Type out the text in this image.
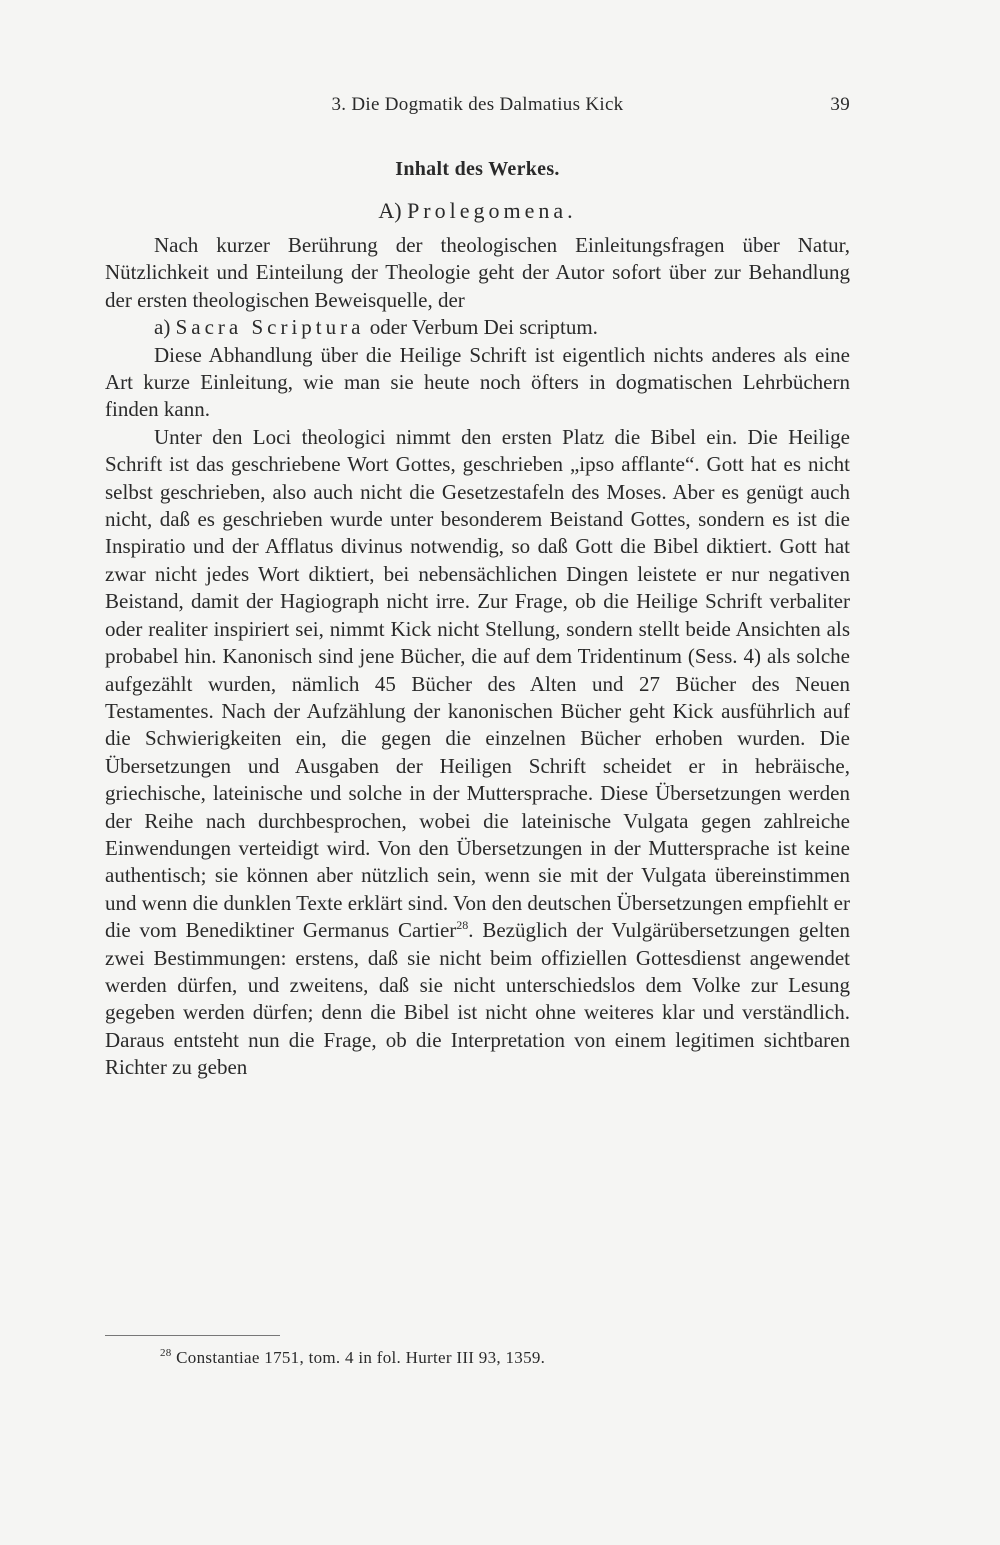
3. Die Dogmatik des Dalmatius Kick	39
Inhalt des Werkes.
A) Prolegomena.

Nach kurzer Berührung der theologischen Einleitungsfragen über Natur, Nützlichkeit und Einteilung der Theologie geht der Autor sofort über zur Behandlung der ersten theologischen Beweisquelle, der

a) Sacra Scriptura oder Verbum Dei scriptum.

Diese Abhandlung über die Heilige Schrift ist eigentlich nichts anderes als eine Art kurze Einleitung, wie man sie heute noch öfters in dogmatischen Lehrbüchern finden kann.

Unter den Loci theologici nimmt den ersten Platz die Bibel ein. Die Heilige Schrift ist das geschriebene Wort Gottes, geschrieben „ipso afflante“. Gott hat es nicht selbst geschrieben, also auch nicht die Gesetzestafeln des Moses. Aber es genügt auch nicht, daß es geschrieben wurde unter besonderem Beistand Gottes, sondern es ist die Inspiratio und der Afflatus divinus notwendig, so daß Gott die Bibel diktiert. Gott hat zwar nicht jedes Wort diktiert, bei nebensächlichen Dingen leistete er nur negativen Beistand, damit der Hagiograph nicht irre. Zur Frage, ob die Heilige Schrift verbaliter oder realiter inspiriert sei, nimmt Kick nicht Stellung, sondern stellt beide Ansichten als probabel hin. Kanonisch sind jene Bücher, die auf dem Tridentinum (Sess. 4) als solche aufgezählt wurden, nämlich 45 Bücher des Alten und 27 Bücher des Neuen Testamentes. Nach der Aufzählung der kanonischen Bücher geht Kick ausführlich auf die Schwierigkeiten ein, die gegen die einzelnen Bücher erhoben wurden. Die Übersetzungen und Ausgaben der Heiligen Schrift scheidet er in hebräische, griechische, lateinische und solche in der Muttersprache. Diese Übersetzungen werden der Reihe nach durchbesprochen, wobei die lateinische Vulgata gegen zahlreiche Einwendungen verteidigt wird. Von den Übersetzungen in der Muttersprache ist keine authentisch; sie können aber nützlich sein, wenn sie mit der Vulgata übereinstimmen und wenn die dunklen Texte erklärt sind. Von den deutschen Übersetzungen empfiehlt er die vom Benediktiner Germanus Cartier$^{28}$. Bezüglich der Vulgärübersetzungen gelten zwei Bestimmungen: erstens, daß sie nicht beim offiziellen Gottesdienst angewendet werden dürfen, und zweitens, daß sie nicht unterschiedslos dem Volke zur Lesung gegeben werden dürfen; denn die Bibel ist nicht ohne weiteres klar und verständlich. Daraus entsteht nun die Frage, ob die Interpretation von einem legitimen sichtbaren Richter zu geben

$^{28}$ Constantiae 1751, tom. 4 in fol. Hurter III 93, 1359.
